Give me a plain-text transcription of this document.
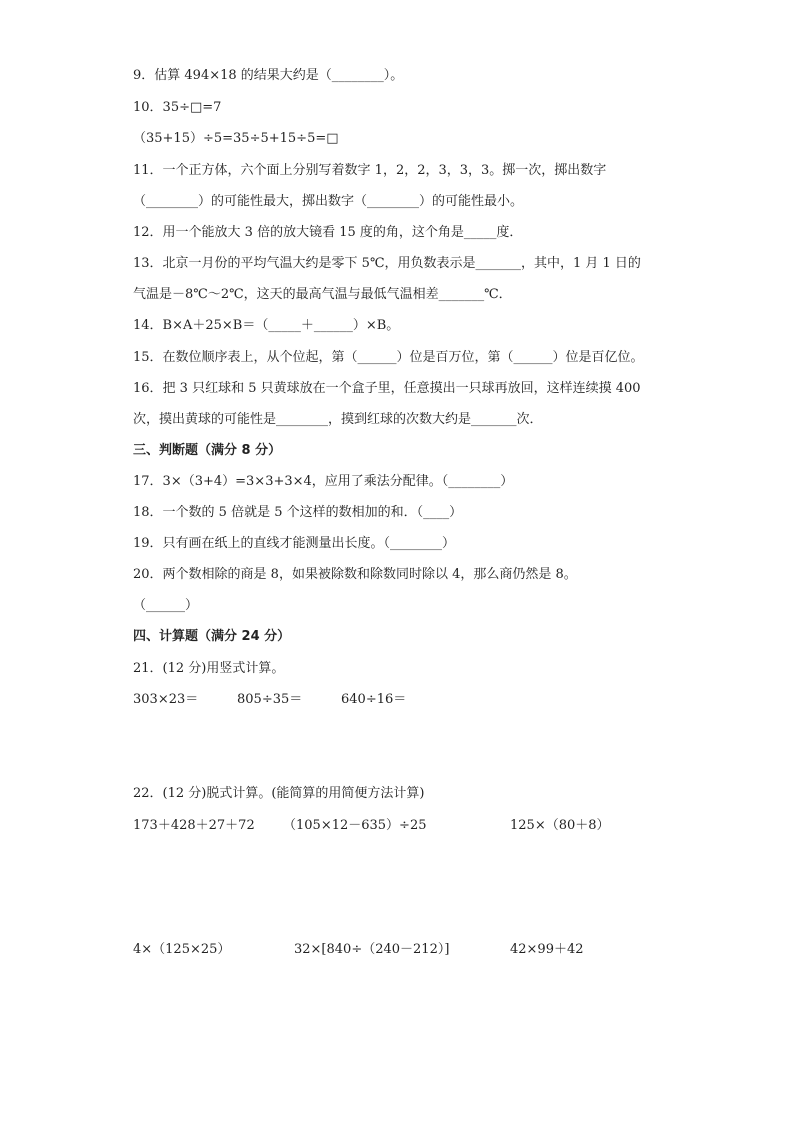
9．估算 494×18 的结果大约是（________）。
10．35÷□=7
（35+15）÷5=35÷5+15÷5=□
11．一个正方体，六个面上分别写着数字 1，2，2，3，3，3。掷一次，掷出数字
（________）的可能性最大，掷出数字（________）的可能性最小。
12．用一个能放大 3 倍的放大镜看 15 度的角，这个角是_____度．
13．北京一月份的平均气温大约是零下 5℃，用负数表示是_______，其中，1 月 1 日的
气温是－8℃～2℃，这天的最高气温与最低气温相差_______℃．
14．B×A＋25×B＝（_____＋______）×B。
15．在数位顺序表上，从个位起，第（______）位是百万位，第（______）位是百亿位。
16．把 3 只红球和 5 只黄球放在一个盒子里，任意摸出一只球再放回，这样连续摸 400
次，摸出黄球的可能性是________，摸到红球的次数大约是_______次．
三、判断题（满分 8 分）
17．3×（3+4）=3×3+3×4，应用了乘法分配律。（________）
18．一个数的 5 倍就是 5 个这样的数相加的和．（____）
19．只有画在纸上的直线才能测量出长度。（________）
20．两个数相除的商是 8，如果被除数和除数同时除以 4，那么商仍然是 8。
（______）
四、计算题（满分 24 分）
21．(12 分)用竖式计算。
303×23＝	805÷35＝	640÷16＝
22．(12 分)脱式计算。(能简算的用简便方法计算)
173＋428＋27＋72 （105×12－635）÷25	125×（80＋8）
4×（125×25）	32×[840÷（240－212）]	42×99＋42
